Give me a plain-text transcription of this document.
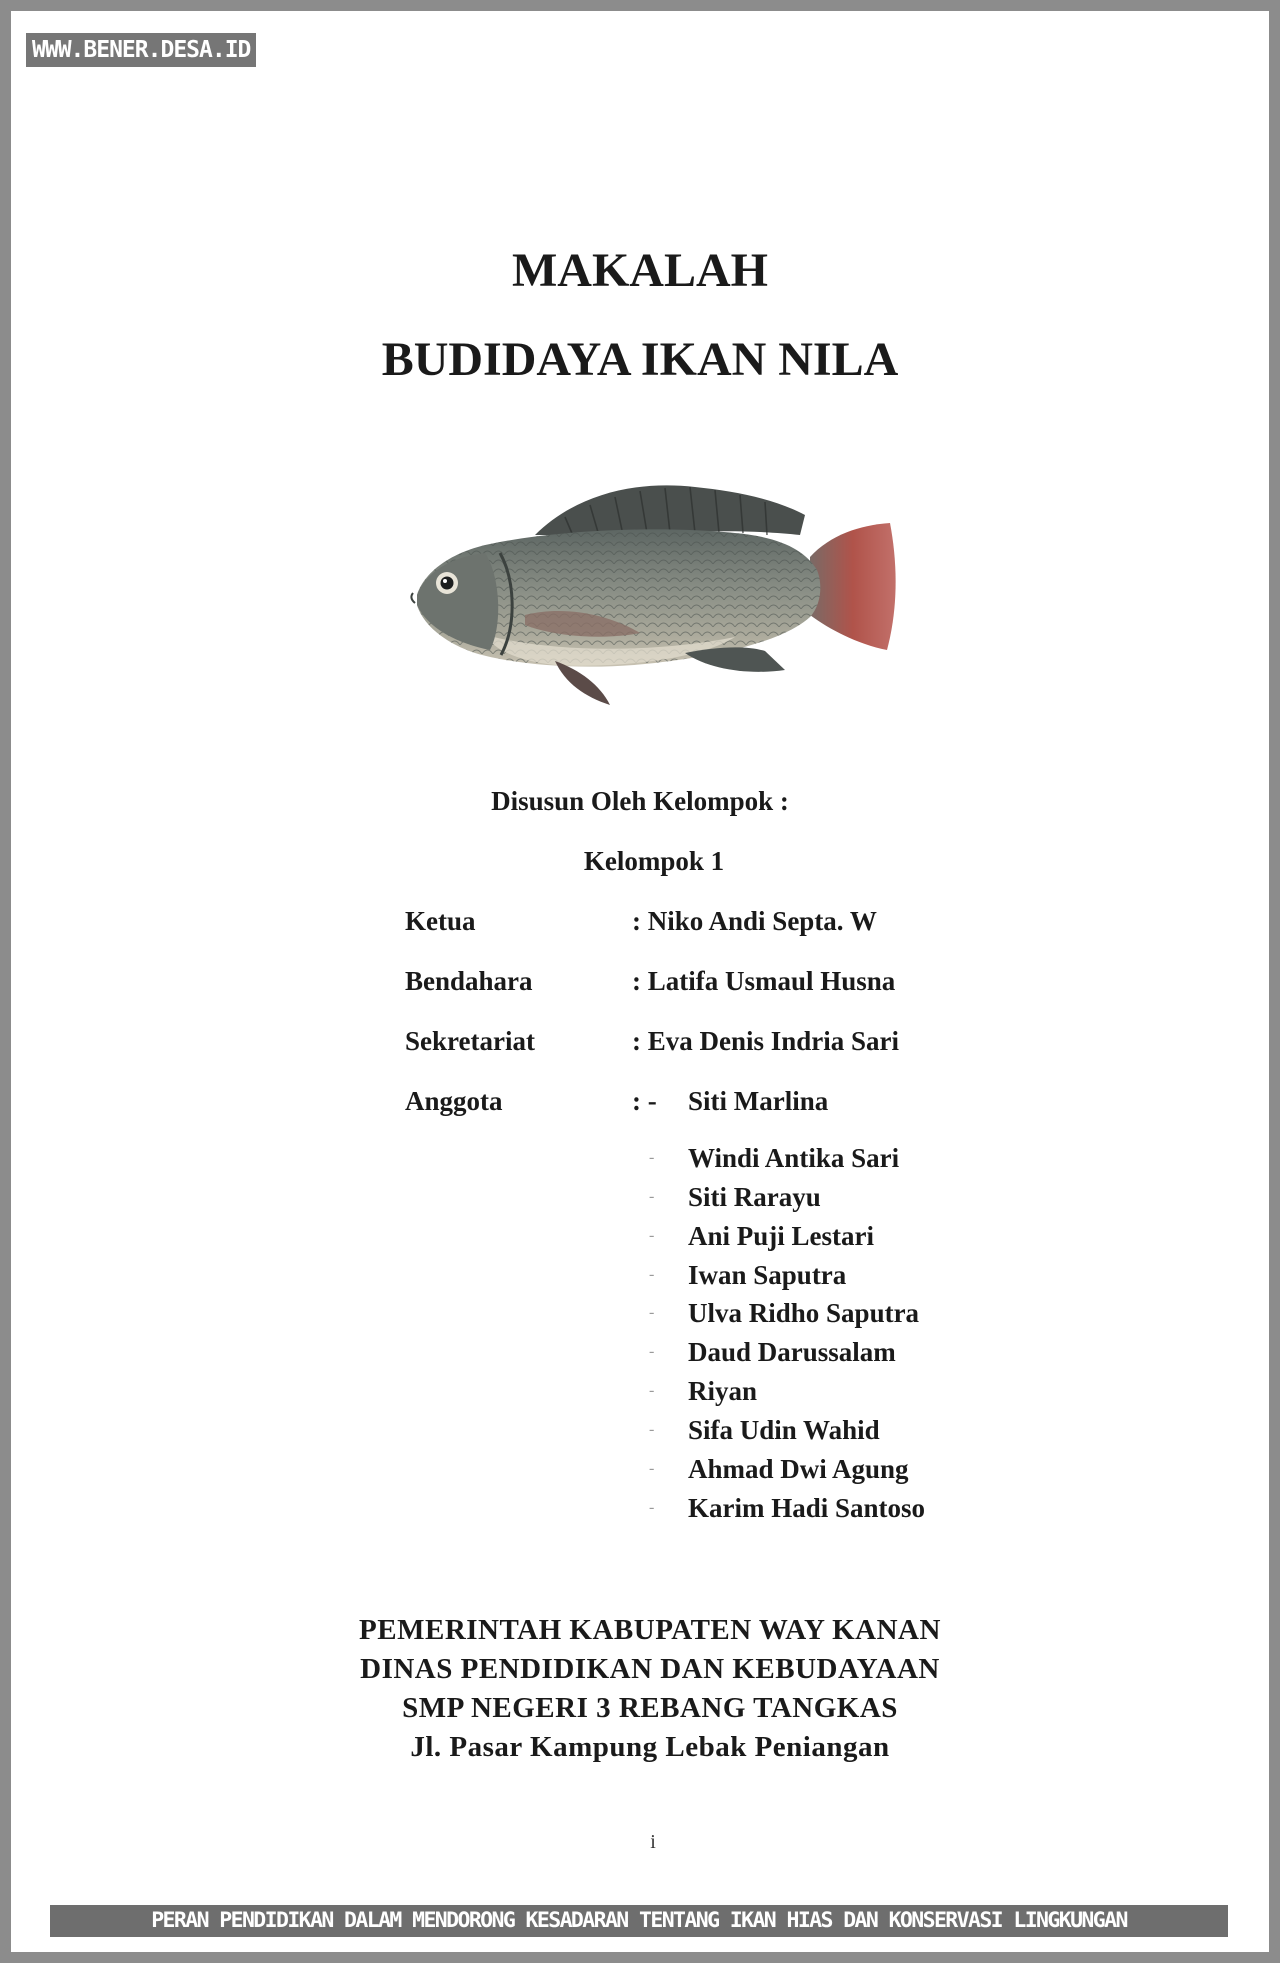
WWW.BENER.DESA.ID
MAKALAH
BUDIDAYA IKAN NILA
Disusun Oleh Kelompok :
Kelompok 1
Ketua	: Niko Andi Septa. W
Bendahara	: Latifa Usmaul Husna
Sekretariat	: Eva Denis Indria Sari
Anggota	: - Siti Marlina
- Windi Antika Sari
- Siti Rarayu
- Ani Puji Lestari
- Iwan Saputra
- Ulva Ridho Saputra
- Daud Darussalam
- Riyan
- Sifa Udin Wahid
- Ahmad Dwi Agung
- Karim Hadi Santoso
PEMERINTAH KABUPATEN WAY KANAN
DINAS PENDIDIKAN DAN KEBUDAYAAN
SMP NEGERI 3 REBANG TANGKAS
Jl. Pasar Kampung Lebak Peniangan
i
PERAN PENDIDIKAN DALAM MENDORONG KESADARAN TENTANG IKAN HIAS DAN KONSERVASI LINGKUNGAN
